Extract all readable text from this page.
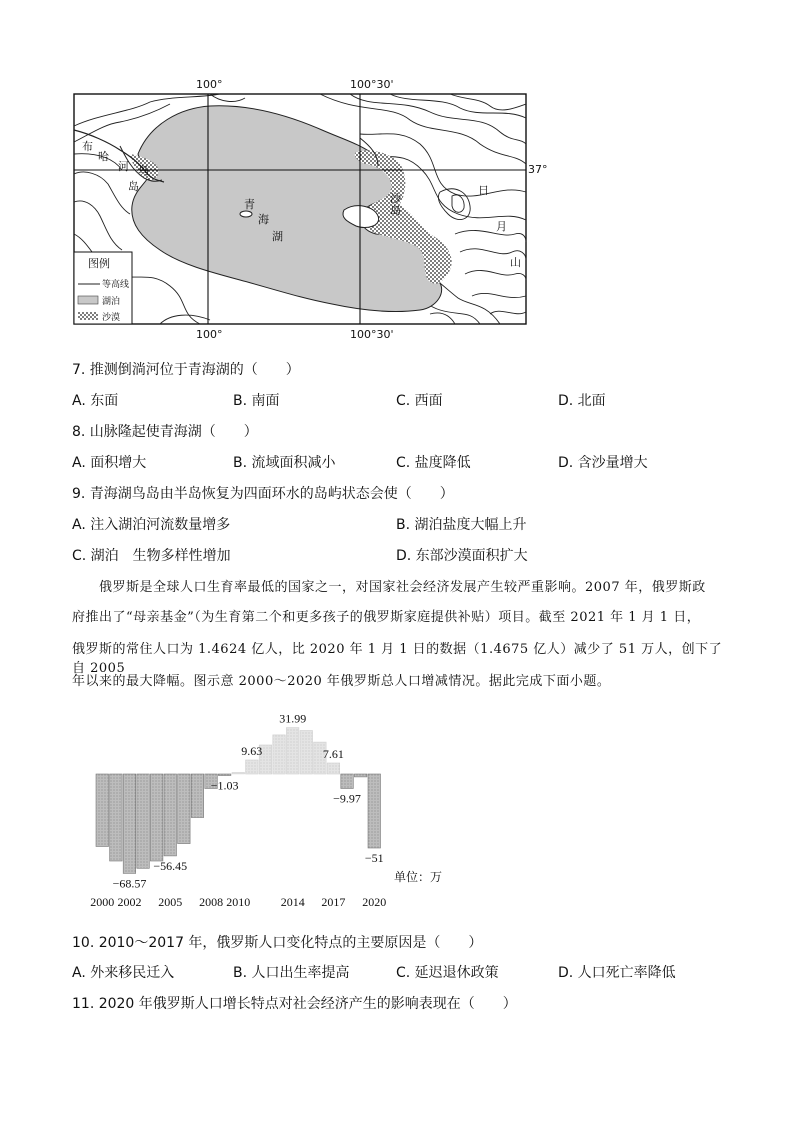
100°	100°30'
100°	100°30'
37°
青
海
湖
布
哈
河 鸟
岛
沙
岛
日
月
山
图例
等高线
湖泊
沙漠
7. 推测倒淌河位于青海湖的（　　）
A. 东面	B. 南面	C. 西面	D. 北面
8. 山脉隆起使青海湖（　　）
A. 面积增大	B. 流域面积减小	C. 盐度降低	D. 含沙量增大
9. 青海湖鸟岛由半岛恢复为四面环水的岛屿状态会使（　　）
A. 注入湖泊河流数量增多	B. 湖泊盐度大幅上升
C. 湖泊　生物多样性增加	D. 东部沙漠面积扩大
　　俄罗斯是全球人口生育率最低的国家之一，对国家社会经济发展产生较严重影响。2007 年，俄罗斯政
府推出了“母亲基金”（为生育第二个和更多孩子的俄罗斯家庭提供补贴）项目。截至 2021 年 1 月 1 日，
俄罗斯的常住人口为 1.4624 亿人，比 2020 年 1 月 1 日的数据（1.4675 亿人）减少了 51 万人，创下了自 2005
年以来的最大降幅。图示意 2000～2020 年俄罗斯总人口增减情况。据此完成下面小题。
−68.57
−56.45
−1.03
9.63
31.99
7.61
−9.97
−51
2000 2002 2005 2008 2010	2014 2017 2020
单位：万
10. 2010～2017 年，俄罗斯人口变化特点的主要原因是（　　）
A. 外来移民迁入	B. 人口出生率提高	C. 延迟退休政策	D. 人口死亡率降低
11. 2020 年俄罗斯人口增长特点对社会经济产生的影响表现在（　　）
